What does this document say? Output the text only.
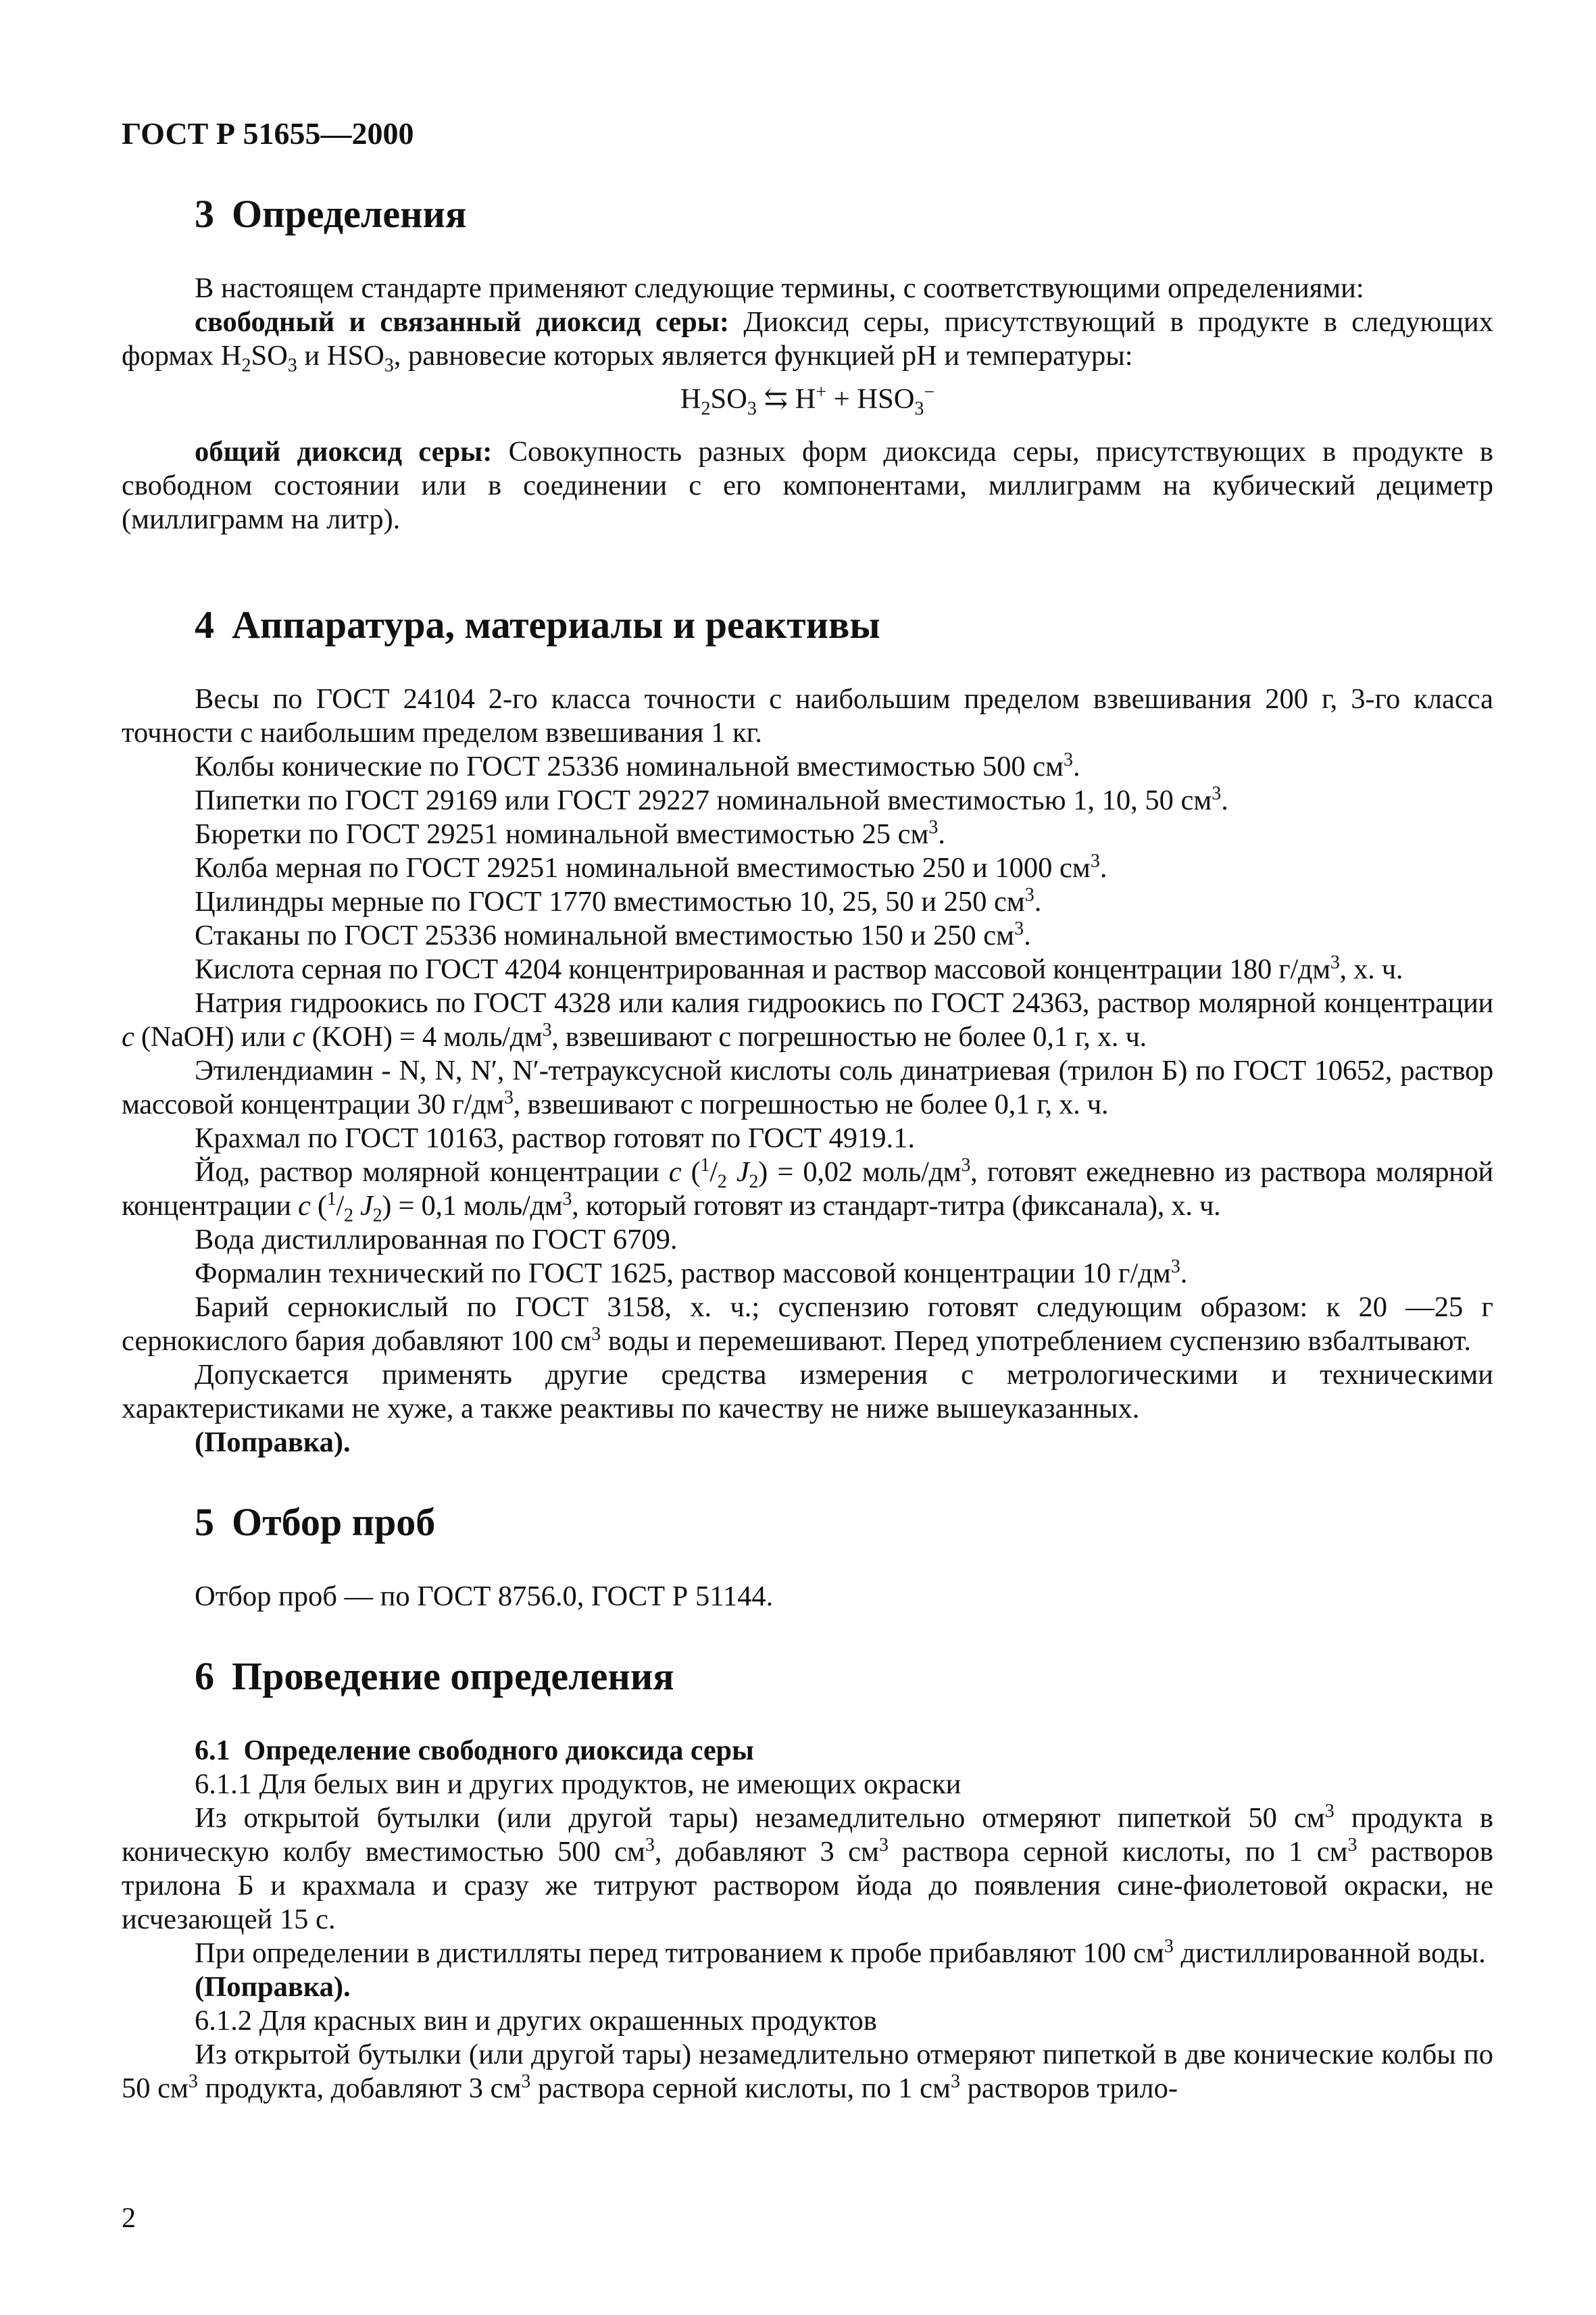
ГОСТ Р 51655—2000
3 Определения

В настоящем стандарте применяют следующие термины, с соответствующими определениями:

свободный и связанный диоксид серы: Диоксид серы, присутствующий в продукте в следующих формах $H_2SO_3$ и $HSO_3$, равновесие которых является функцией pH и температуры:

$H_2SO_3$ ⇆ $H^+ + HSO_3^-$

общий диоксид серы: Совокупность разных форм диоксида серы, присутствующих в продукте в свободном состоянии или в соединении с его компонентами, миллиграмм на кубический дециметр (миллиграмм на литр).

4 Аппаратура, материалы и реактивы

Весы по ГОСТ 24104 2-го класса точности с наибольшим пределом взвешивания 200 г, 3-го класса точности с наибольшим пределом взвешивания 1 кг.

Колбы конические по ГОСТ 25336 номинальной вместимостью 500 $см^3$.

Пипетки по ГОСТ 29169 или ГОСТ 29227 номинальной вместимостью 1, 10, 50 $см^3$.

Бюретки по ГОСТ 29251 номинальной вместимостью 25 $см^3$.

Колба мерная по ГОСТ 29251 номинальной вместимостью 250 и 1000 $см^3$.

Цилиндры мерные по ГОСТ 1770 вместимостью 10, 25, 50 и 250 $см^3$.

Стаканы по ГОСТ 25336 номинальной вместимостью 150 и 250 $см^3$.

Кислота серная по ГОСТ 4204 концентрированная и раствор массовой концентрации 180 $г/дм^3$, х. ч.

Натрия гидроокись по ГОСТ 4328 или калия гидроокись по ГОСТ 24363, раствор молярной концентрации c (NaOH) или c (KOH) = 4 моль/$дм^3$, взвешивают с погрешностью не более 0,1 г, х. ч.

Этилендиамин - N, N, N′, N′-тетрауксусной кислоты соль динатриевая (трилон Б) по ГОСТ 10652, раствор массовой концентрации 30 $г/дм^3$, взвешивают с погрешностью не более 0,1 г, х. ч.

Крахмал по ГОСТ 10163, раствор готовят по ГОСТ 4919.1.

Йод, раствор молярной концентрации c ($^1/_2$ $J_2) = 0,02$ моль/$дм^3$, готовят ежедневно из раствора молярной концентрации c ($^1/_2$ $J_2) = 0,1$ моль/$дм^3$, который готовят из стандарт-титра (фиксанала), х. ч.

Вода дистиллированная по ГОСТ 6709.

Формалин технический по ГОСТ 1625, раствор массовой концентрации 10 $г/дм^3$.

Барий сернокислый по ГОСТ 3158, х. ч.; суспензию готовят следующим образом: к 20 —25 г сернокислого бария добавляют 100 $см^3$ воды и перемешивают. Перед употреблением суспензию взбалтывают.

Допускается применять другие средства измерения с метрологическими и техническими характеристиками не хуже, а также реактивы по качеству не ниже вышеуказанных.

(Поправка).

5 Отбор проб

Отбор проб — по ГОСТ 8756.0, ГОСТ Р 51144.

6 Проведение определения
6.1 Определение свободного диоксида серы

6.1.1 Для белых вин и других продуктов, не имеющих окраски

Из открытой бутылки (или другой тары) незамедлительно отмеряют пипеткой 50 $см^3$ продукта в коническую колбу вместимостью 500 $см^3$, добавляют 3 $см^3$ раствора серной кислоты, по 1 $см^3$ растворов трилона Б и крахмала и сразу же титруют раствором йода до появления сине-фиолетовой окраски, не исчезающей 15 с.

При определении в дистилляты перед титрованием к пробе прибавляют 100 $см^3$ дистиллированной воды.

(Поправка).

6.1.2 Для красных вин и других окрашенных продуктов

Из открытой бутылки (или другой тары) незамедлительно отмеряют пипеткой в две конические колбы по 50 $см^3$ продукта, добавляют 3 $см^3$ раствора серной кислоты, по 1 $см^3$ растворов трило-

2
